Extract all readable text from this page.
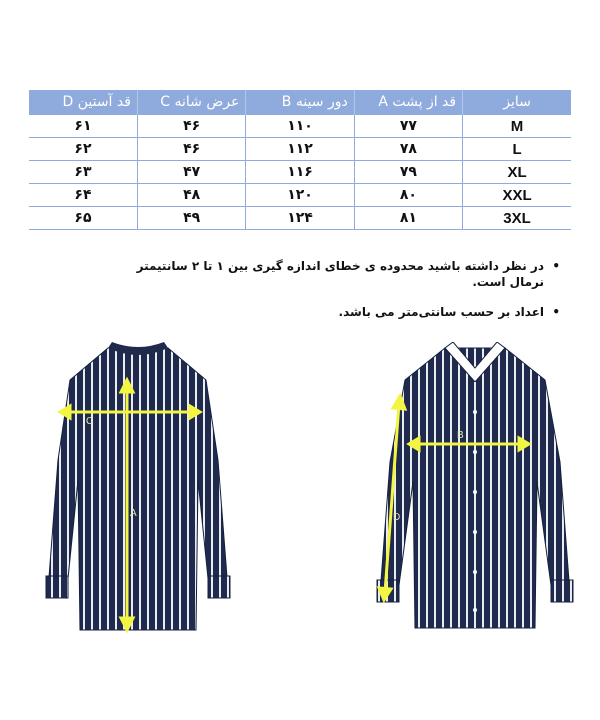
سایز	قد از پشت A	دور سینه B	عرض شانه C	قد آستین D
M	۷۷	۱۱۰	۴۶	۶۱
L	۷۸	۱۱۲	۴۶	۶۲
XL	۷۹	۱۱۶	۴۷	۶۳
XXL	۸۰	۱۲۰	۴۸	۶۴
3XL	۸۱	۱۲۴	۴۹	۶۵
•
در نظر داشته باشید محدوده ی خطای اندازه گیری بین ۱ تا ۲ سانتیمتر نرمال است.
•
اعداد بر حسب سانتی‌متر می باشد.
C
A
B
D
